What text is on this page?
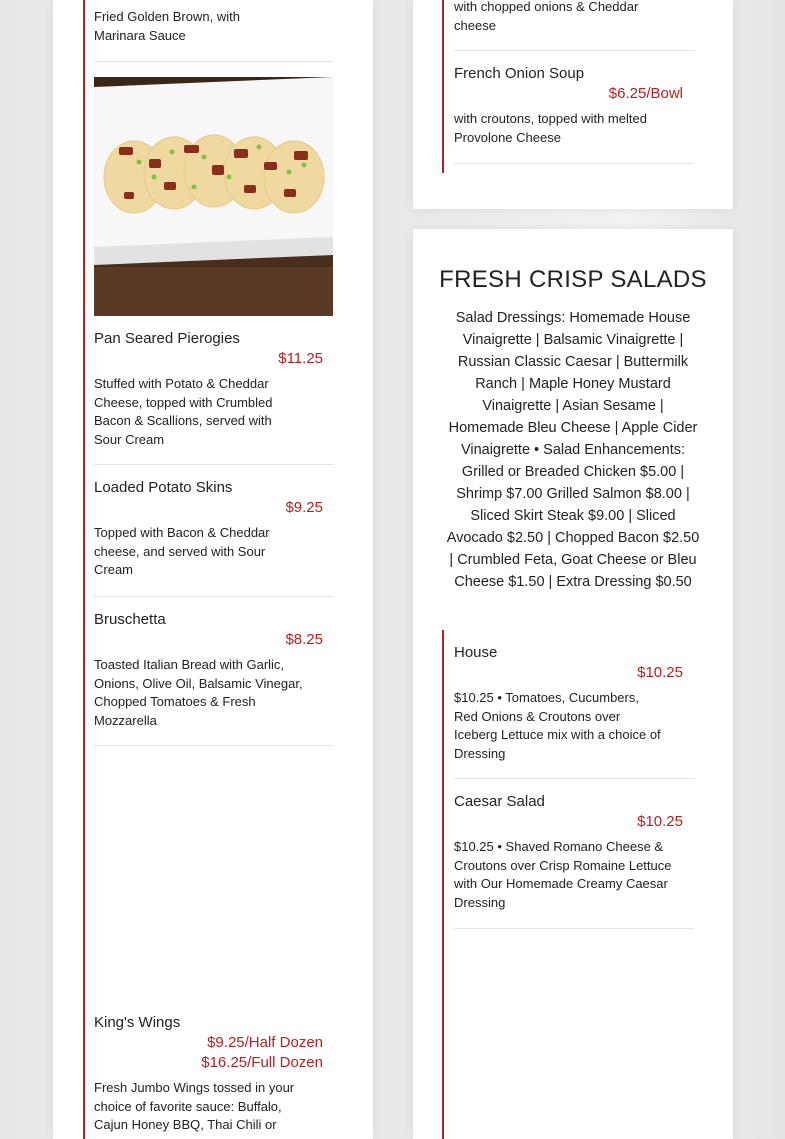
Fried Golden Brown, with Marinara Sauce
Pan Seared Pierogies
$11.25
Stuffed with Potato & Cheddar Cheese, topped with Crumbled Bacon & Scallions, served with Sour Cream
Loaded Potato Skins
$9.25
Topped with Bacon & Cheddar cheese, and served with Sour Cream
Bruschetta
$8.25
Toasted Italian Bread with Garlic, Onions, Olive Oil, Balsamic Vinegar, Chopped Tomatoes & Fresh Mozzarella
King's Wings
$9.25/Half Dozen
$16.25/Full Dozen
Fresh Jumbo Wings tossed in your choice of favorite sauce: Buffalo, Cajun Honey BBQ, Thai Chili or
with chopped onions & Cheddar cheese
French Onion Soup
$6.25/Bowl
with croutons, topped with melted Provolone Cheese
FRESH CRISP SALADS
Salad Dressings: Homemade House Vinaigrette | Balsamic Vinaigrette | Russian Classic Caesar | Buttermilk Ranch | Maple Honey Mustard Vinaigrette | Asian Sesame | Homemade Bleu Cheese | Apple Cider Vinaigrette • Salad Enhancements: Grilled or Breaded Chicken $5.00 | Shrimp $7.00 Grilled Salmon $8.00 | Sliced Skirt Steak $9.00 | Sliced Avocado $2.50 | Chopped Bacon $2.50 | Crumbled Feta, Goat Cheese or Bleu Cheese $1.50 | Extra Dressing $0.50
House
$10.25
$10.25 • Tomatoes, Cucumbers, Red Onions & Croutons over Iceberg Lettuce mix with a choice of Dressing
Caesar Salad
$10.25
$10.25 • Shaved Romano Cheese & Croutons over Crisp Romaine Lettuce with Our Homemade Creamy Caesar Dressing
